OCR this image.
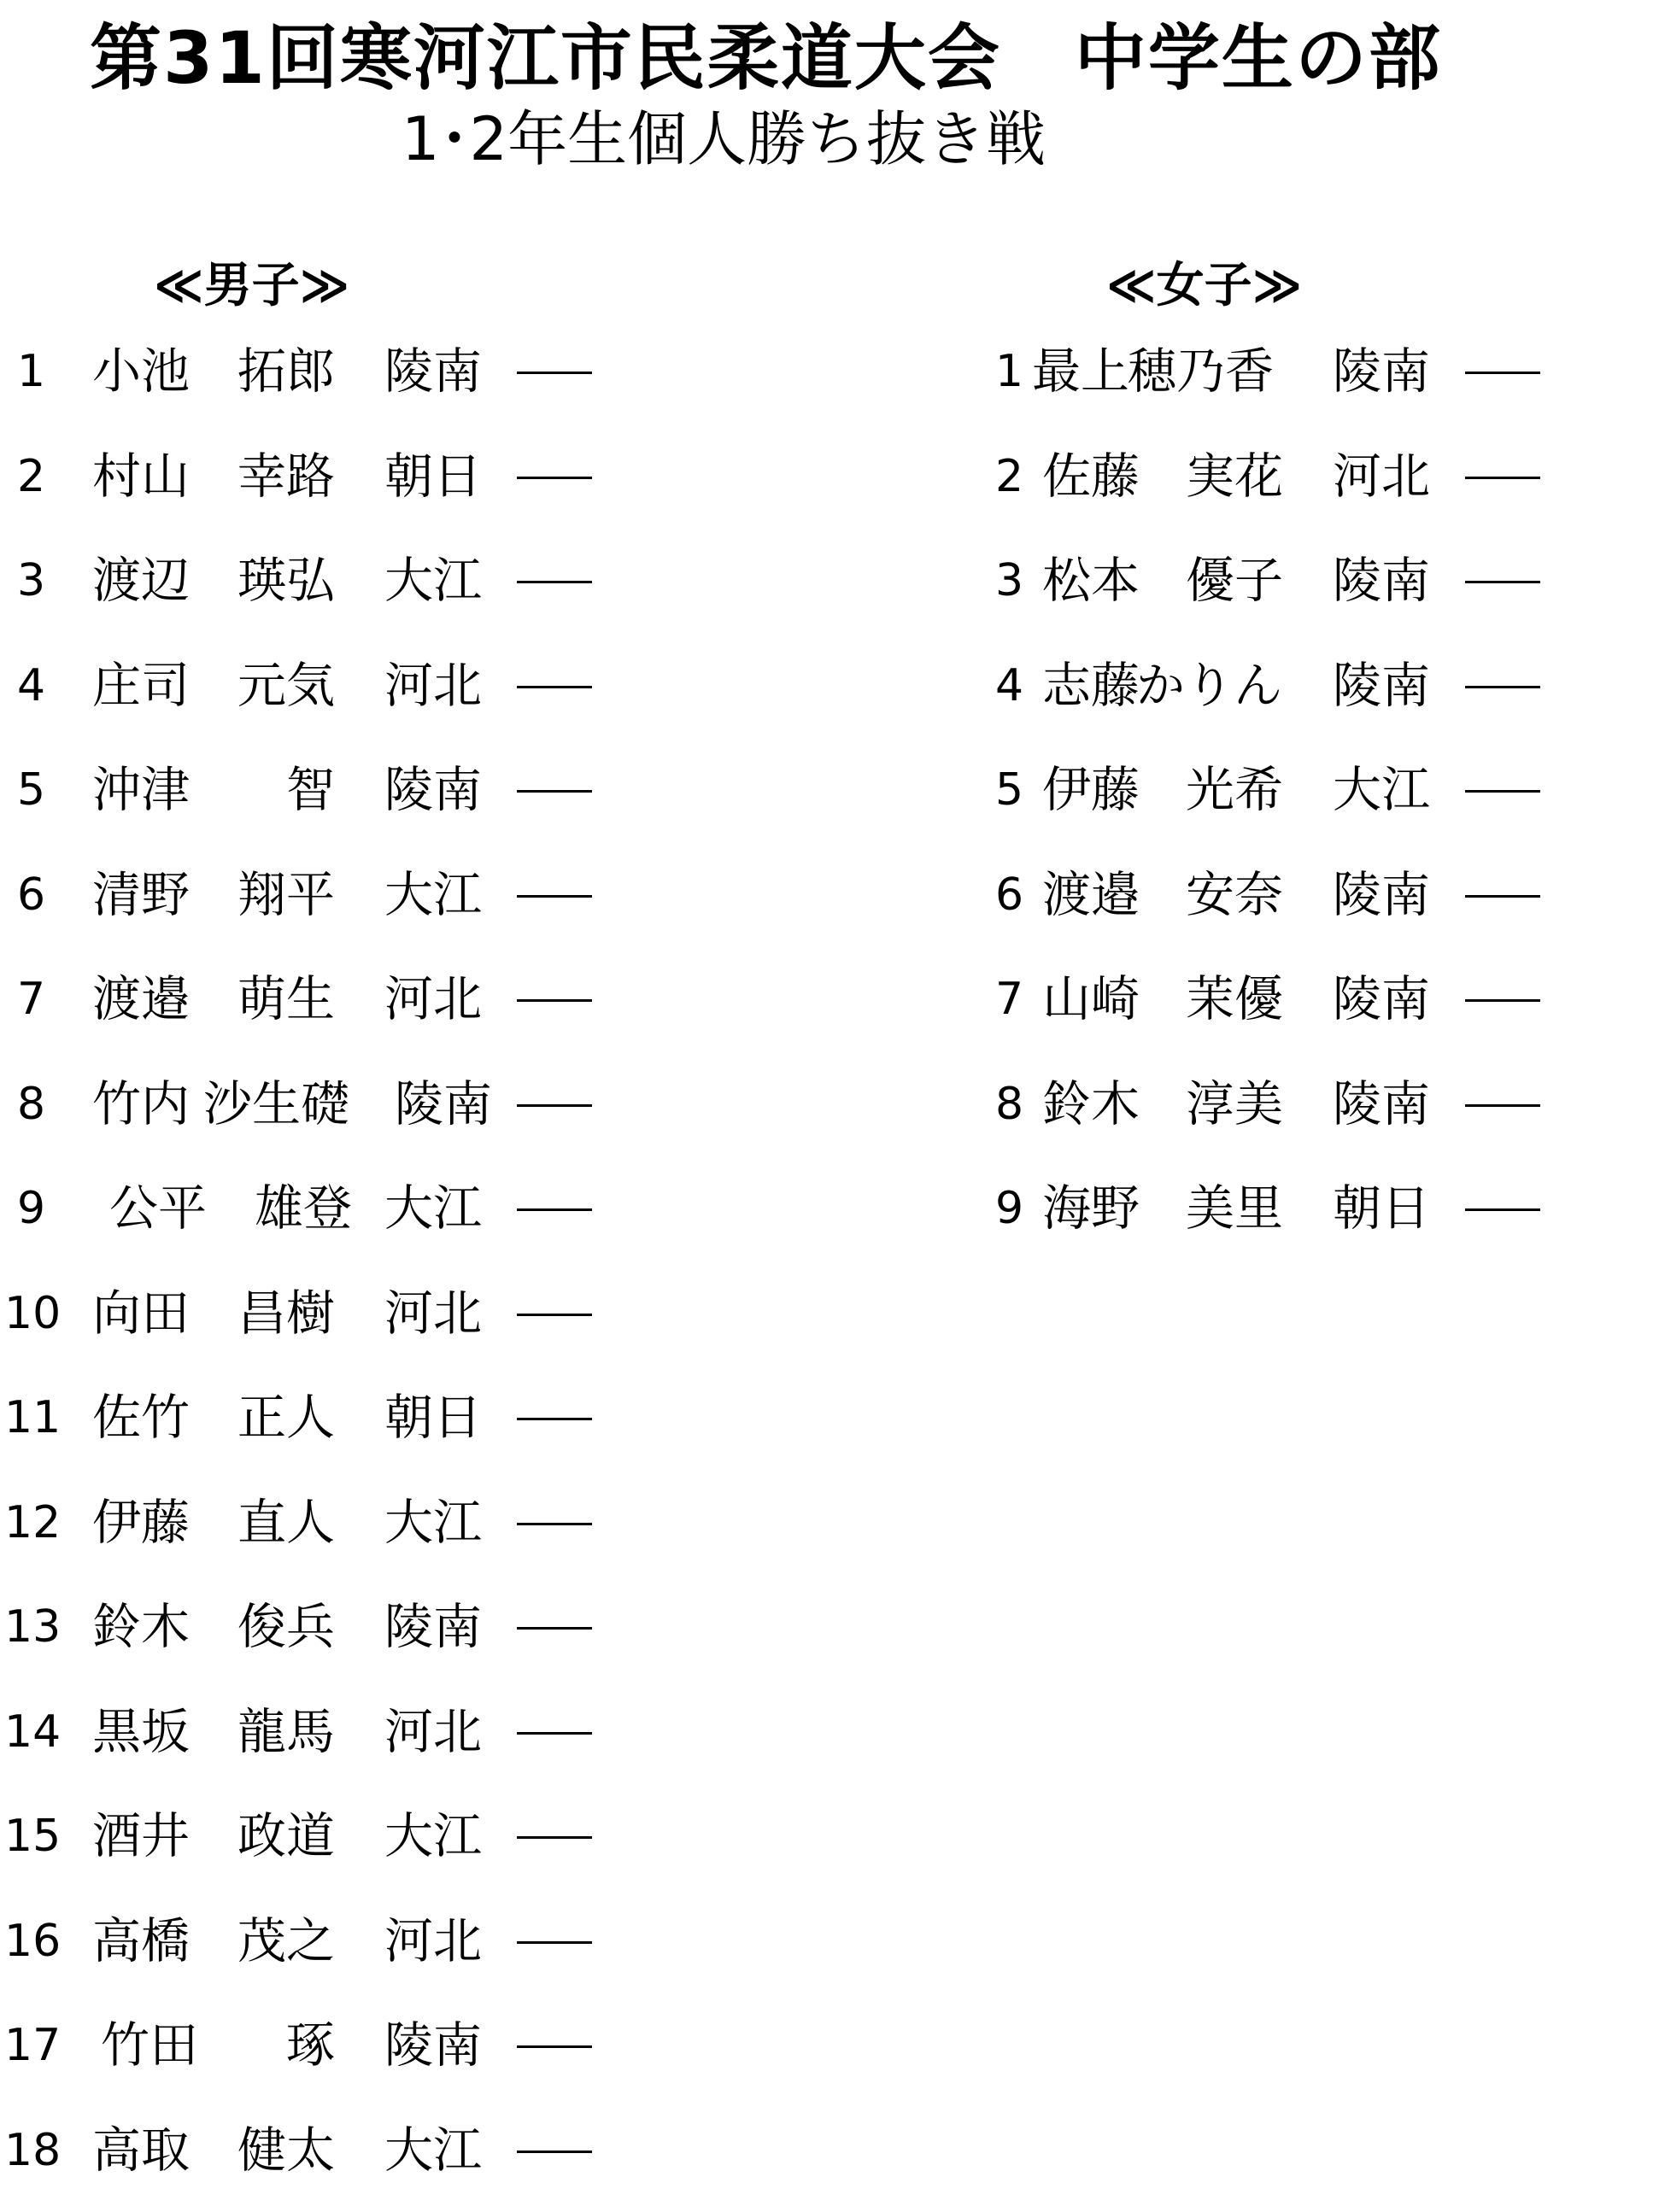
第31回寒河江市民柔道大会　中学生の部
1･2年生個人勝ち抜き戦
≪男子≫	≪女子≫
1 小池 拓郎 陵南
2 村山 幸路 朝日
3 渡辺 瑛弘 大江
4 庄司 元気 河北
5 沖津 　智 陵南
6 清野 翔平 大江
7 渡邉 萌生 河北
8 竹内 沙生礎 陵南
9	公平 雄登 大江
10 向田 昌樹 河北
11 佐竹 正人 朝日
12 伊藤 直人 大江
13 鈴木 俊兵 陵南
14 黒坂 龍馬 河北
15 酒井 政道 大江
16 高橋 茂之 河北
17 竹田 　琢 陵南
18 高取 健太 大江
1 最上
穂乃香 陵南
2 佐藤 実花 河北
3 松本 優子 陵南
4 志藤
かりん 陵南
5 伊藤 光希 大江
6 渡邉 安奈 陵南
7 山崎 茉優 陵南
8 鈴木 淳美 陵南
9 海野 美里 朝日
